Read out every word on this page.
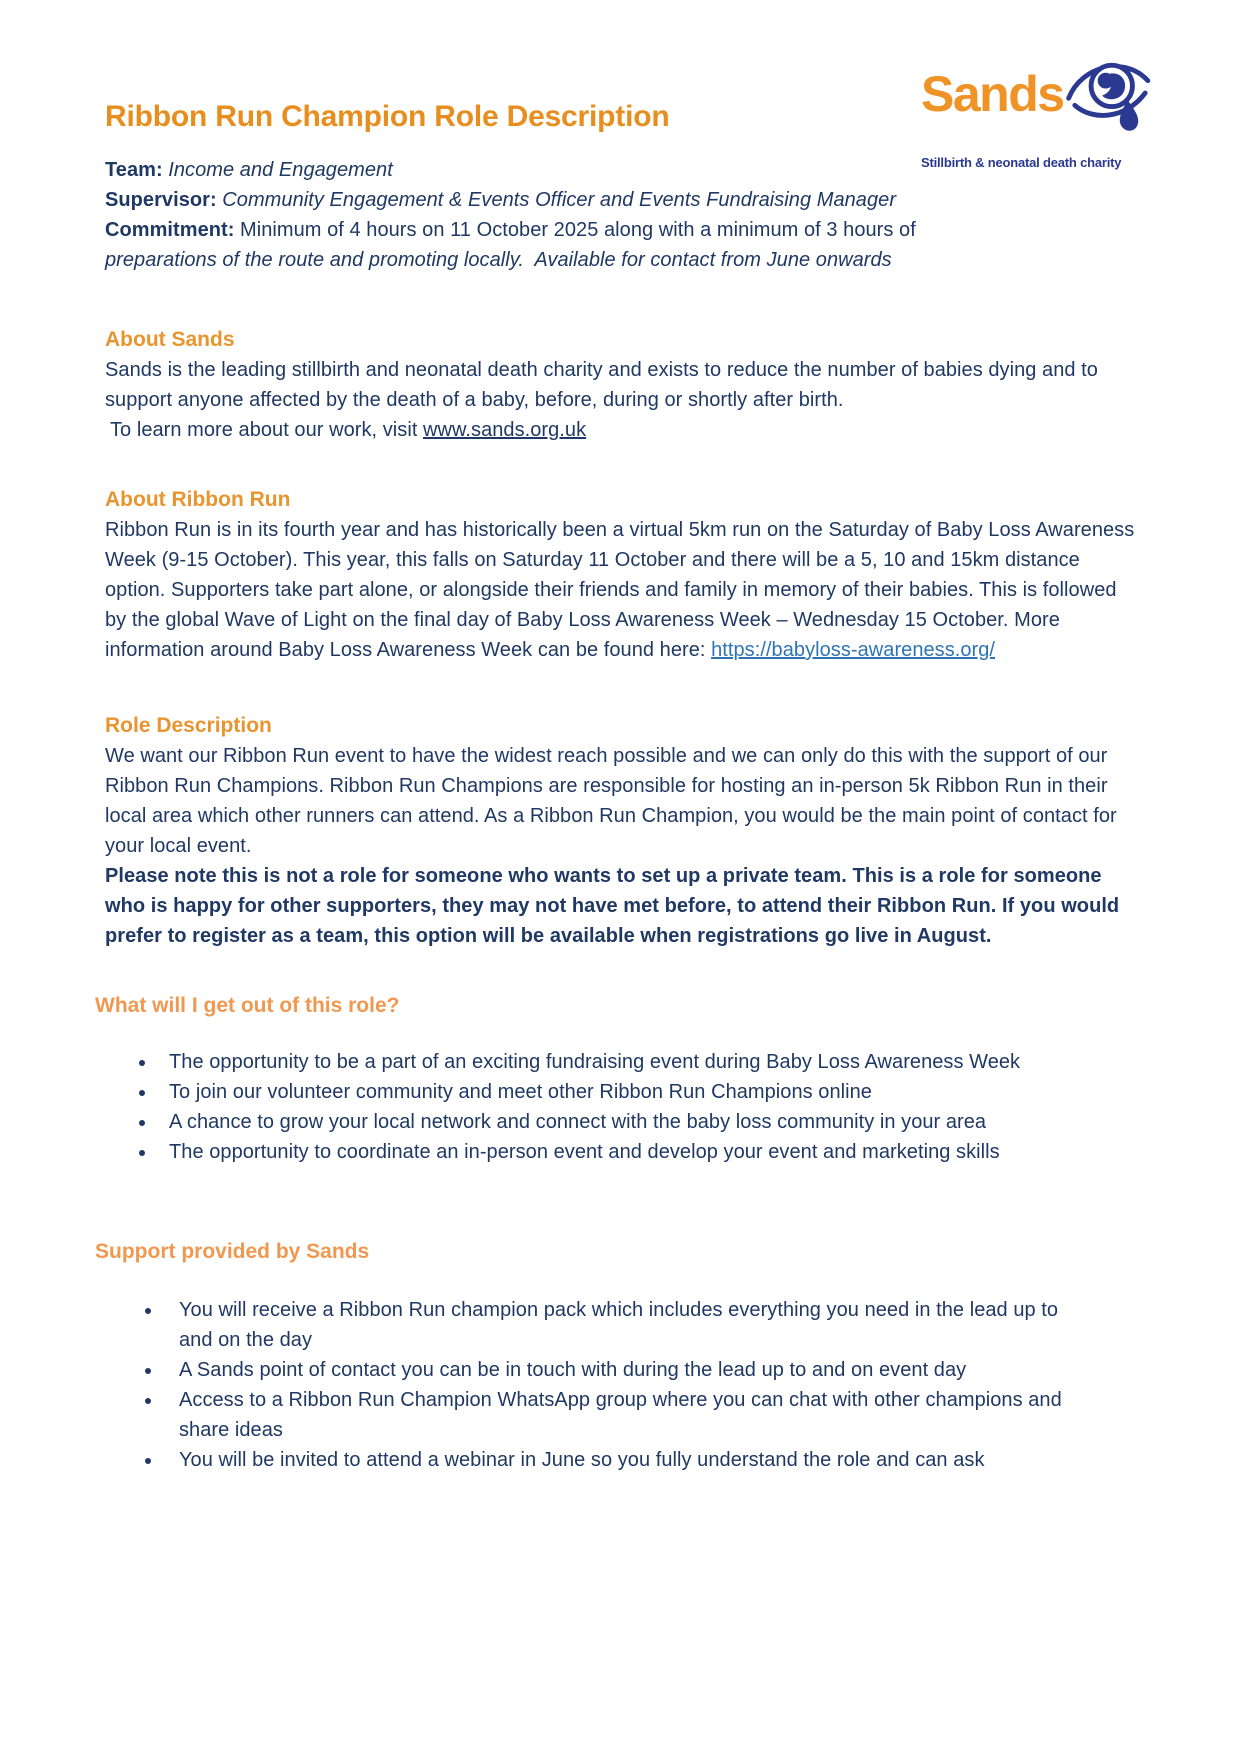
Ribbon Run Champion Role Description	Sands
Stillbirth & neonatal death charity

Team: Income and Engagement

Supervisor: Community Engagement & Events Officer and Events Fundraising Manager

Commitment: Minimum of 4 hours on 11 October 2025 along with a minimum of 3 hours of

preparations of the route and promoting locally.  Available for contact from June onwards

About Sands

Sands is the leading stillbirth and neonatal death charity and exists to reduce the number of babies dying and to support anyone affected by the death of a baby, before, during or shortly after birth.

To learn more about our work, visit www.sands.org.uk

About Ribbon Run

Ribbon Run is in its fourth year and has historically been a virtual 5km run on the Saturday of Baby Loss Awareness Week (9-15 October). This year, this falls on Saturday 11 October and there will be a 5, 10 and 15km distance option. Supporters take part alone, or alongside their friends and family in memory of their babies. This is followed by the global Wave of Light on the final day of Baby Loss Awareness Week – Wednesday 15 October. More information around Baby Loss Awareness Week can be found here: https://babyloss-awareness.org/

Role Description

We want our Ribbon Run event to have the widest reach possible and we can only do this with the support of our Ribbon Run Champions. Ribbon Run Champions are responsible for hosting an in-person 5k Ribbon Run in their local area which other runners can attend. As a Ribbon Run Champion, you would be the main point of contact for your local event.

Please note this is not a role for someone who wants to set up a private team. This is a role for someone who is happy for other supporters, they may not have met before, to attend their Ribbon Run. If you would prefer to register as a team, this option will be available when registrations go live in August.

What will I get out of this role?
• The opportunity to be a part of an exciting fundraising event during Baby Loss Awareness Week
• To join our volunteer community and meet other Ribbon Run Champions online
• A chance to grow your local network and connect with the baby loss community in your area
• The opportunity to coordinate an in-person event and develop your event and marketing skills
Support provided by Sands
• You will receive a Ribbon Run champion pack which includes everything you need in the lead up to and on the day
• A Sands point of contact you can be in touch with during the lead up to and on event day
• Access to a Ribbon Run Champion WhatsApp group where you can chat with other champions and share ideas
• You will be invited to attend a webinar in June so you fully understand the role and can ask
